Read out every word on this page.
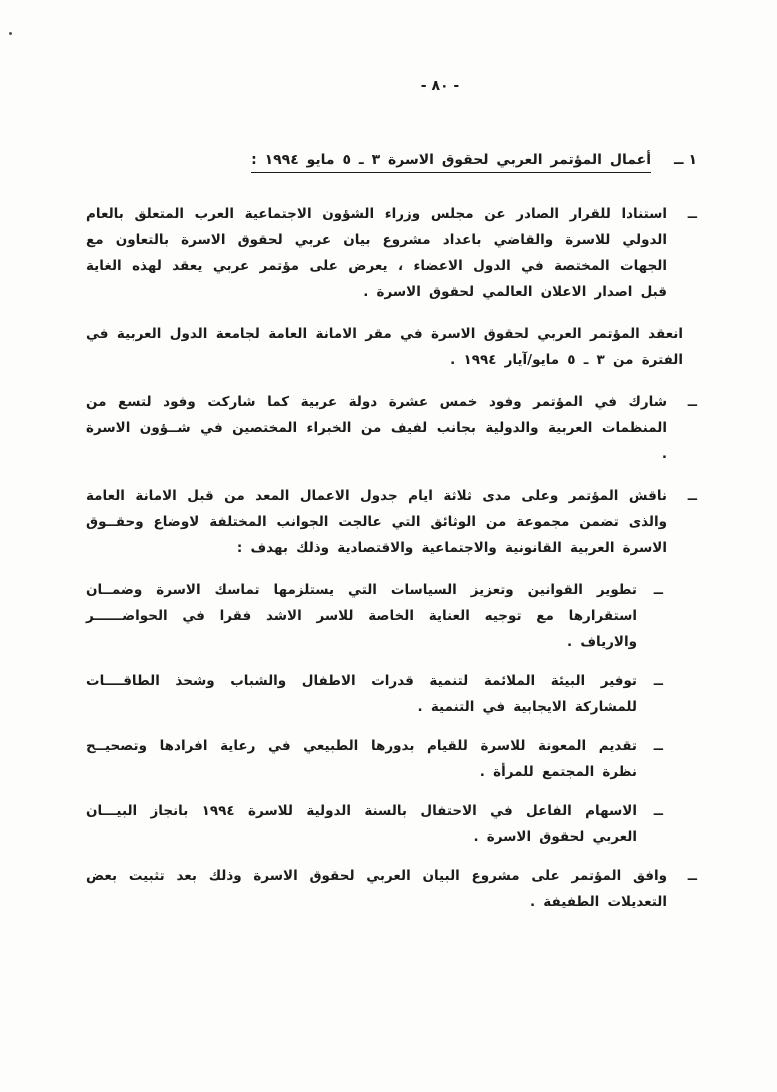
- ٨٠ -
١ ــ
أعمال المؤتمر العربي لحقوق الاسرة ٣ ـ ٥ مايو ١٩٩٤ :
ــ
استنادا للقرار الصادر عن مجلس وزراء الشؤون الاجتماعية العرب المتعلق بالعام الدولي للاسرة والقاضي باعداد مشروع بيان عربي لحقوق الاسرة بالتعاون مع الجهات المختصة في الدول الاعضاء ، يعرض على مؤتمر عربي يعقد لهذه الغاية قبل اصدار الاعلان العالمي لحقوق الاسرة .
انعقد المؤتمر العربي لحقوق الاسرة في مقر الامانة العامة لجامعة الدول العربية في الفترة من ٣ ـ ٥ مايو/آيار ١٩٩٤ .
ــ
شارك في المؤتمر وفود خمس عشرة دولة عربية كما شاركت وفود لتسع من المنظمات العربية والدولية بجانب لفيف من الخبراء المختصين في شــؤون الاسرة .
ــ
ناقش المؤتمر وعلى مدى ثلاثة ايام جدول الاعمال المعد من قبل الامانة العامة والذى تضمن مجموعة من الوثائق التي عالجت الجوانب المختلفة لاوضاع وحقــوق الاسرة العربية القانونية والاجتماعية والاقتصادية وذلك بهدف :
ــ
تطوير القوانين وتعزيز السياسات التي يستلزمها تماسك الاسرة وضمــان استقرارها مع توجيه العناية الخاصة للاسر الاشد فقرا في الحواضــــــر والارياف .
ــ
توفير البيئة الملائمة لتنمية قدرات الاطفال والشباب وشحذ الطاقــــات للمشاركة الايجابية في التنمية .
ــ
تقديم المعونة للاسرة للقيام بدورها الطبيعي في رعاية افرادها وتصحيــح نظرة المجتمع للمرأة .
ــ
الاسهام الفاعل في الاحتفال بالسنة الدولية للاسرة ١٩٩٤ بانجاز البيـــان العربي لحقوق الاسرة .
ــ
وافق المؤتمر على مشروع البيان العربي لحقوق الاسرة وذلك بعد تثبيت بعض التعديلات الطفيفة .
